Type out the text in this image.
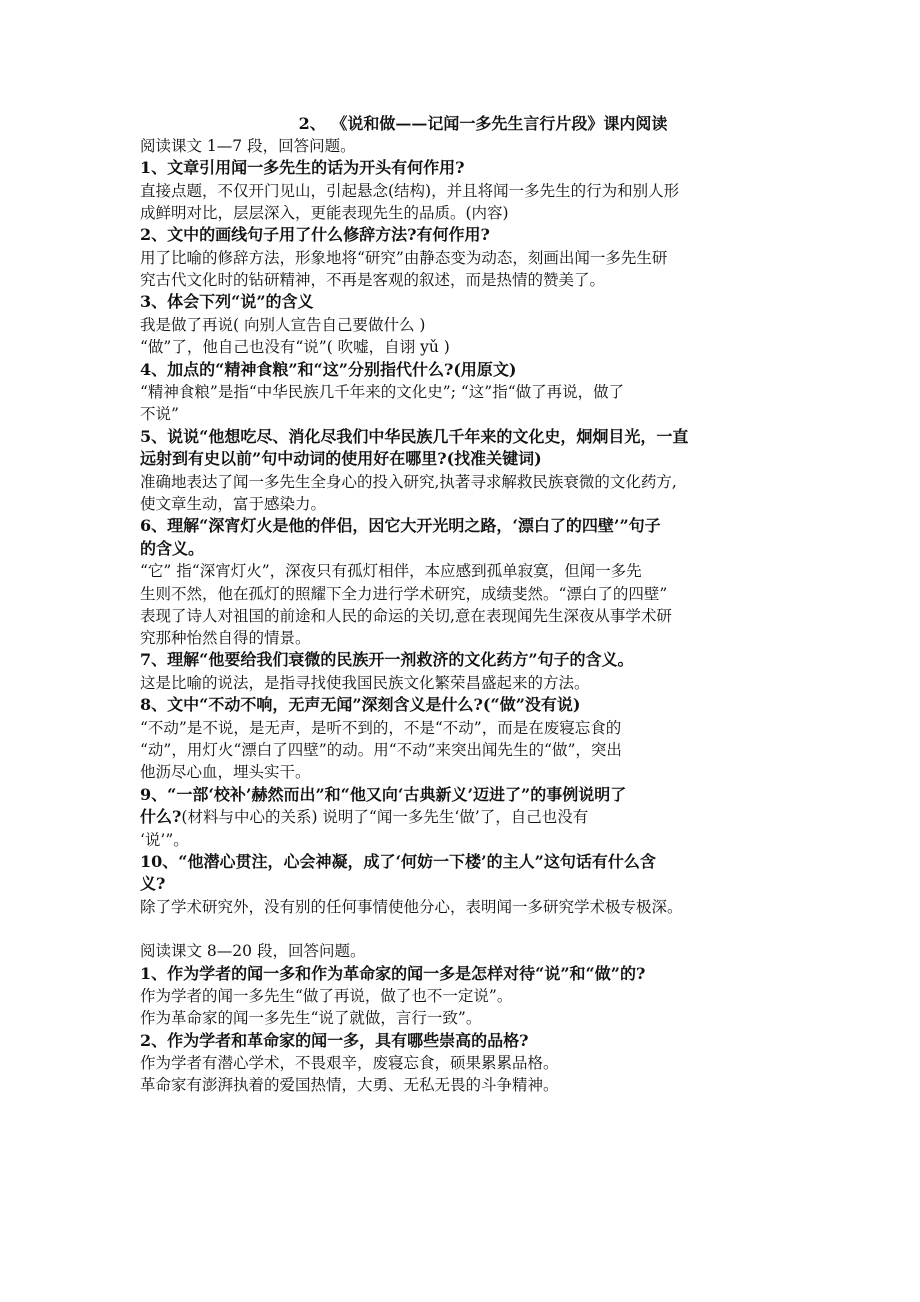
2、 《说和做——记闻一多先生言行片段》课内阅读
阅读课文 1—7 段，回答问题。
1、文章引用闻一多先生的话为开头有何作用?
直接点题，不仅开门见山，引起悬念(结构)，并且将闻一多先生的行为和别人形
成鲜明对比，层层深入，更能表现先生的品质。(内容)
2、文中的画线句子用了什么修辞方法?有何作用?
用了比喻的修辞方法，形象地将“研究”由静态变为动态，刻画出闻一多先生研
究古代文化时的钻研精神，不再是客观的叙述，而是热情的赞美了。
3、体会下列“说”的含义
我是做了再说( 向别人宣告自己要做什么 )
“做”了，他自己也没有“说”( 吹嘘，自诩 yǔ )
4、加点的“精神食粮”和“这”分别指代什么?(用原文)
“精神食粮”是指“中华民族几千年来的文化史”; “这”指“做了再说，做了
不说”
5、说说“他想吃尽、消化尽我们中华民族几千年来的文化史，炯炯目光，一直
远射到有史以前”句中动词的使用好在哪里?(找准关键词)
准确地表达了闻一多先生全身心的投入研究,执著寻求解救民族衰微的文化药方,
使文章生动，富于感染力。
6、理解“深宵灯火是他的伴侣，因它大开光明之路，‘漂白了的四壁’”句子
的含义。
“它” 指“深宵灯火”，深夜只有孤灯相伴，本应感到孤单寂寞，但闻一多先
生则不然，他在孤灯的照耀下全力进行学术研究，成绩斐然。“漂白了的四壁”
表现了诗人对祖国的前途和人民的命运的关切,意在表现闻先生深夜从事学术研
究那种怡然自得的情景。
7、理解“他要给我们衰微的民族开一剂救济的文化药方”句子的含义。
这是比喻的说法，是指寻找使我国民族文化繁荣昌盛起来的方法。
8、文中“不动不响，无声无闻”深刻含义是什么?(“做”没有说)
“不动”是不说，是无声，是听不到的，不是“不动”，而是在废寝忘食的
“动”，用灯火“漂白了四壁”的动。用“不动”来突出闻先生的“做”，突出
他沥尽心血，埋头实干。
9、“一部‘校补’赫然而出”和“他又向‘古典新义’迈进了”的事例说明了
什么?(材料与中心的关系) 说明了“闻一多先生‘做’了，自己也没有
‘说’”。
10、“他潜心贯注，心会神凝，成了‘何妨一下楼’的主人”这句话有什么含
义?
除了学术研究外，没有别的任何事情使他分心，表明闻一多研究学术极专极深。
阅读课文 8—20 段，回答问题。
1、作为学者的闻一多和作为革命家的闻一多是怎样对待“说”和“做”的?
作为学者的闻一多先生“做了再说，做了也不一定说”。
作为革命家的闻一多先生“说了就做，言行一致”。
2、作为学者和革命家的闻一多，具有哪些崇高的品格?
作为学者有潜心学术，不畏艰辛，废寝忘食，硕果累累品格。
革命家有澎湃执着的爱国热情，大勇、无私无畏的斗争精神。
